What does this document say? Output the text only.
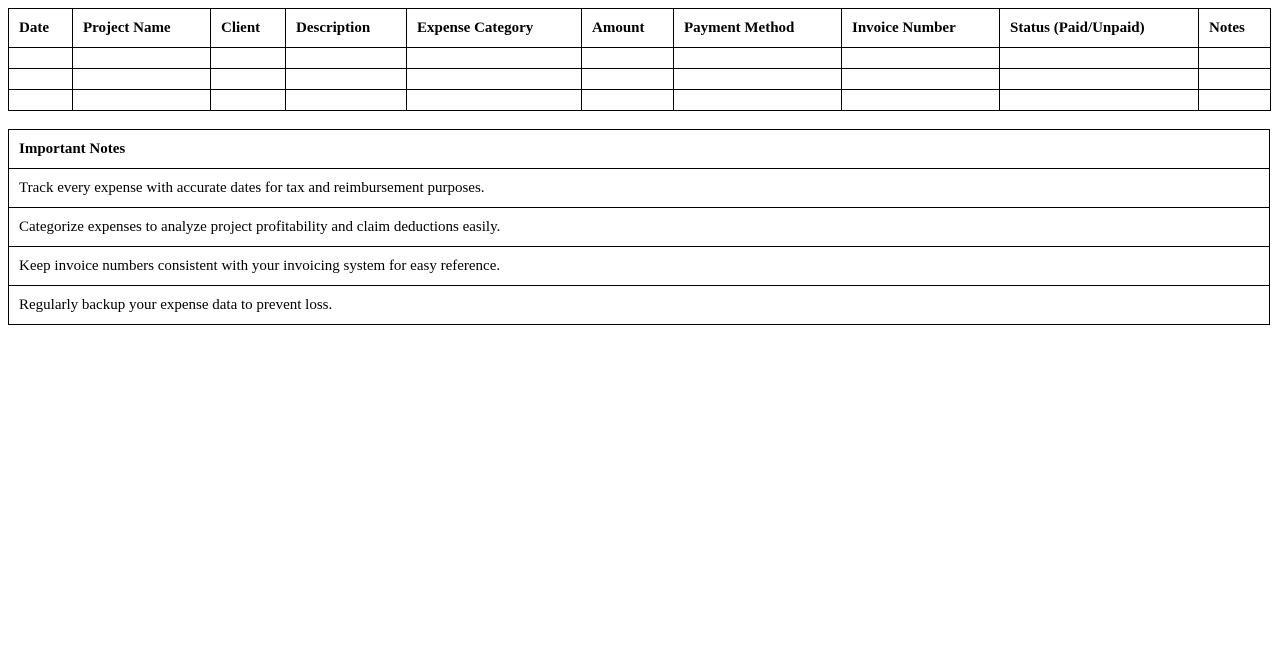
Date	Project Name	Client	Description	Expense Category	Amount	Payment Method	Invoice Number	Status (Paid/Unpaid)	Notes

Important Notes
Track every expense with accurate dates for tax and reimbursement purposes.
Categorize expenses to analyze project profitability and claim deductions easily.
Keep invoice numbers consistent with your invoicing system for easy reference.
Regularly backup your expense data to prevent loss.
